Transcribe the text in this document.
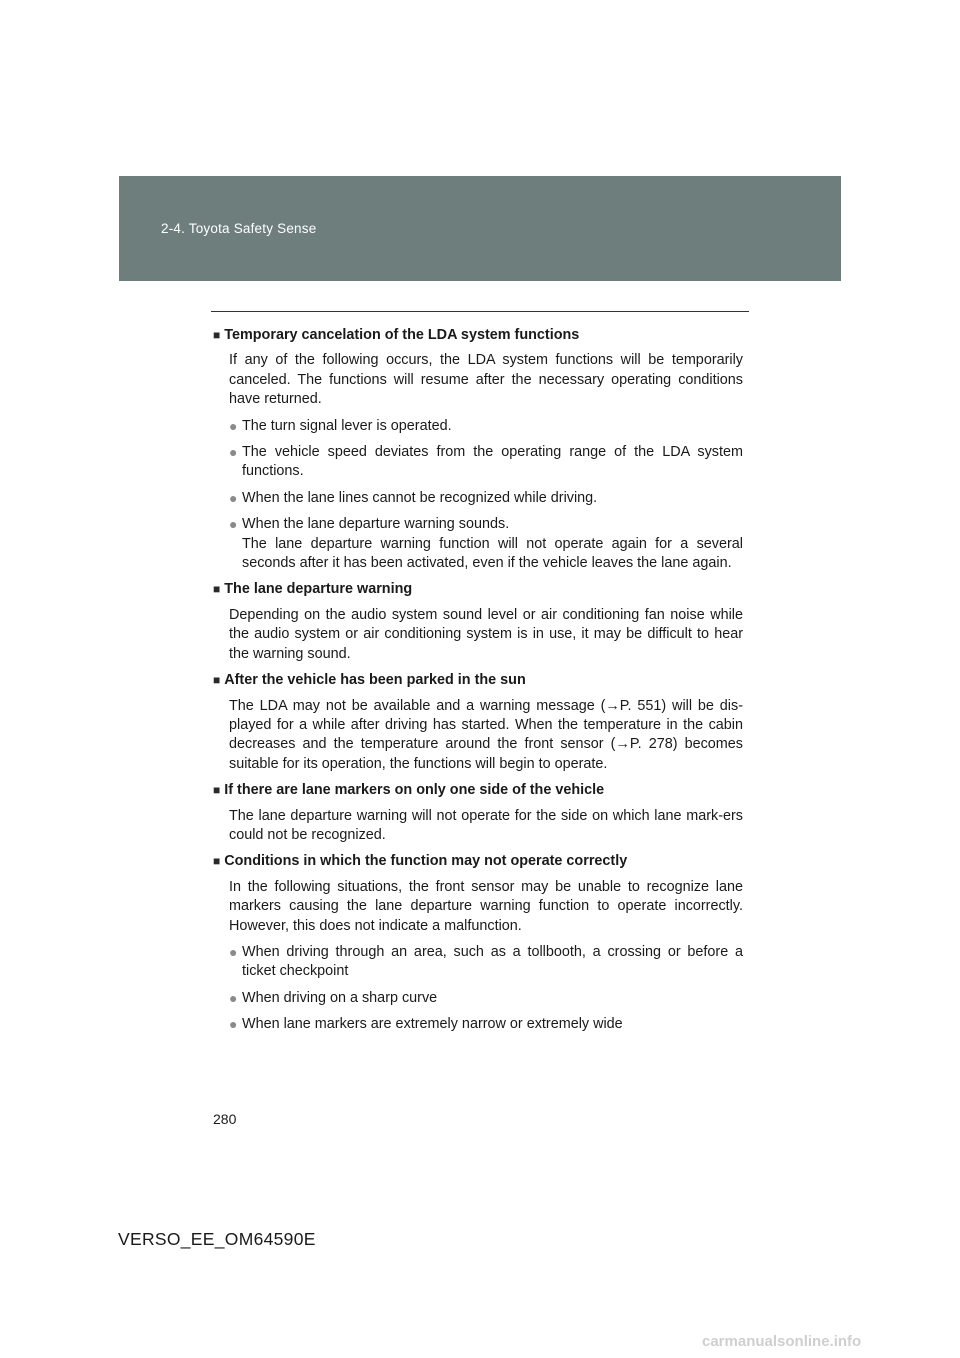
2-4. Toyota Safety Sense
■ Temporary cancelation of the LDA system functions

If any of the following occurs, the LDA system functions will be temporarily canceled. The functions will resume after the necessary operating conditions have returned.

● The turn signal lever is operated.
● The vehicle speed deviates from the operating range of the LDA system functions.
● When the lane lines cannot be recognized while driving.
● When the lane departure warning sounds.
The lane departure warning function will not operate again for a several seconds after it has been activated, even if the vehicle leaves the lane again.
■ The lane departure warning

Depending on the audio system sound level or air conditioning fan noise while the audio system or air conditioning system is in use, it may be difficult to hear the warning sound.

■ After the vehicle has been parked in the sun

The LDA may not be available and a warning message (→P. 551) will be dis-played for a while after driving has started. When the temperature in the cabin decreases and the temperature around the front sensor (→P. 278) becomes suitable for its operation, the functions will begin to operate.

■ If there are lane markers on only one side of the vehicle

The lane departure warning will not operate for the side on which lane mark-ers could not be recognized.

■ Conditions in which the function may not operate correctly

In the following situations, the front sensor may be unable to recognize lane markers causing the lane departure warning function to operate incorrectly. However, this does not indicate a malfunction.

● When driving through an area, such as a tollbooth, a crossing or before a ticket checkpoint
● When driving on a sharp curve
● When lane markers are extremely narrow or extremely wide
280
VERSO_EE_OM64590E
carmanualsonline.info
